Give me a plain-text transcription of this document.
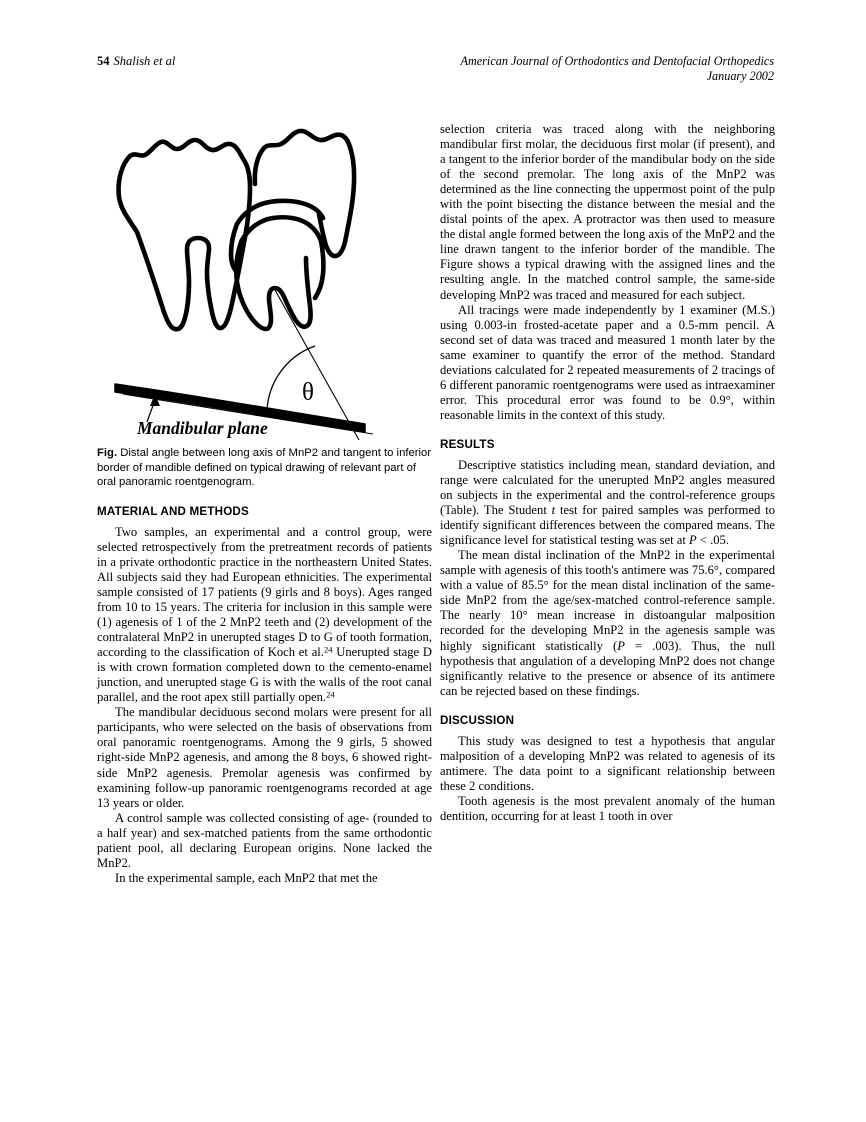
54 Shalish et al	American Journal of Orthodontics and Dentofacial Orthopedics
January 2002
θ
Mandibular plane
Fig. Distal angle between long axis of MnP2 and tangent to inferior border of mandible defined on typical drawing of relevant part of oral panoramic roentgenogram.
MATERIAL AND METHODS

Two samples, an experimental and a control group, were selected retrospectively from the pretreatment records of patients in a private orthodontic practice in the northeastern United States. All subjects said they had European ethnicities. The experimental sample consisted of 17 patients (9 girls and 8 boys). Ages ranged from 10 to 15 years. The criteria for inclusion in this sample were (1) agenesis of 1 of the 2 MnP2 teeth and (2) development of the contralateral MnP2 in unerupted stages D to G of tooth formation, according to the classification of Koch et al.$^{24}$ Unerupted stage D is with crown formation completed down to the cemento-enamel junction, and unerupted stage G is with the walls of the root canal parallel, and the root apex still partially open.$^{24}$

The mandibular deciduous second molars were present for all participants, who were selected on the basis of observations from oral panoramic roentgenograms. Among the 9 girls, 5 showed right-side MnP2 agenesis, and among the 8 boys, 6 showed right-side MnP2 agenesis. Premolar agenesis was confirmed by examining follow-up panoramic roentgenograms recorded at age 13 years or older.

A control sample was collected consisting of age- (rounded to a half year) and sex-matched patients from the same orthodontic patient pool, all declaring European origins. None lacked the MnP2.

In the experimental sample, each MnP2 that met the

selection criteria was traced along with the neighboring mandibular first molar, the deciduous first molar (if present), and a tangent to the inferior border of the mandibular body on the side of the second premolar. The long axis of the MnP2 was determined as the line connecting the uppermost point of the pulp with the point bisecting the distance between the mesial and the distal points of the apex. A protractor was then used to measure the distal angle formed between the long axis of the MnP2 and the line drawn tangent to the inferior border of the mandible. The Figure shows a typical drawing with the assigned lines and the resulting angle. In the matched control sample, the same-side developing MnP2 was traced and measured for each subject.

All tracings were made independently by 1 examiner (M.S.) using 0.003-in frosted-acetate paper and a 0.5-mm pencil. A second set of data was traced and measured 1 month later by the same examiner to quantify the error of the method. Standard deviations calculated for 2 repeated measurements of 2 tracings of 6 different panoramic roentgenograms were used as intraexaminer error. This procedural error was found to be 0.9°, within reasonable limits in the context of this study.

RESULTS

Descriptive statistics including mean, standard deviation, and range were calculated for the unerupted MnP2 angles measured on subjects in the experimental and the control-reference groups (Table). The Student t test for paired samples was performed to identify significant differences between the compared means. The significance level for statistical testing was set at P < .05.

The mean distal inclination of the MnP2 in the experimental sample with agenesis of this tooth's antimere was 75.6°, compared with a value of 85.5° for the mean distal inclination of the same-side MnP2 from the age/sex-matched control-reference sample. The nearly 10° mean increase in distoangular malposition recorded for the developing MnP2 in the agenesis sample was highly significant statistically (P = .003). Thus, the null hypothesis that angulation of a developing MnP2 does not change significantly relative to the presence or absence of its antimere can be rejected based on these findings.

DISCUSSION

This study was designed to test a hypothesis that angular malposition of a developing MnP2 was related to agenesis of its antimere. The data point to a significant relationship between these 2 conditions.

Tooth agenesis is the most prevalent anomaly of the human dentition, occurring for at least 1 tooth in over
